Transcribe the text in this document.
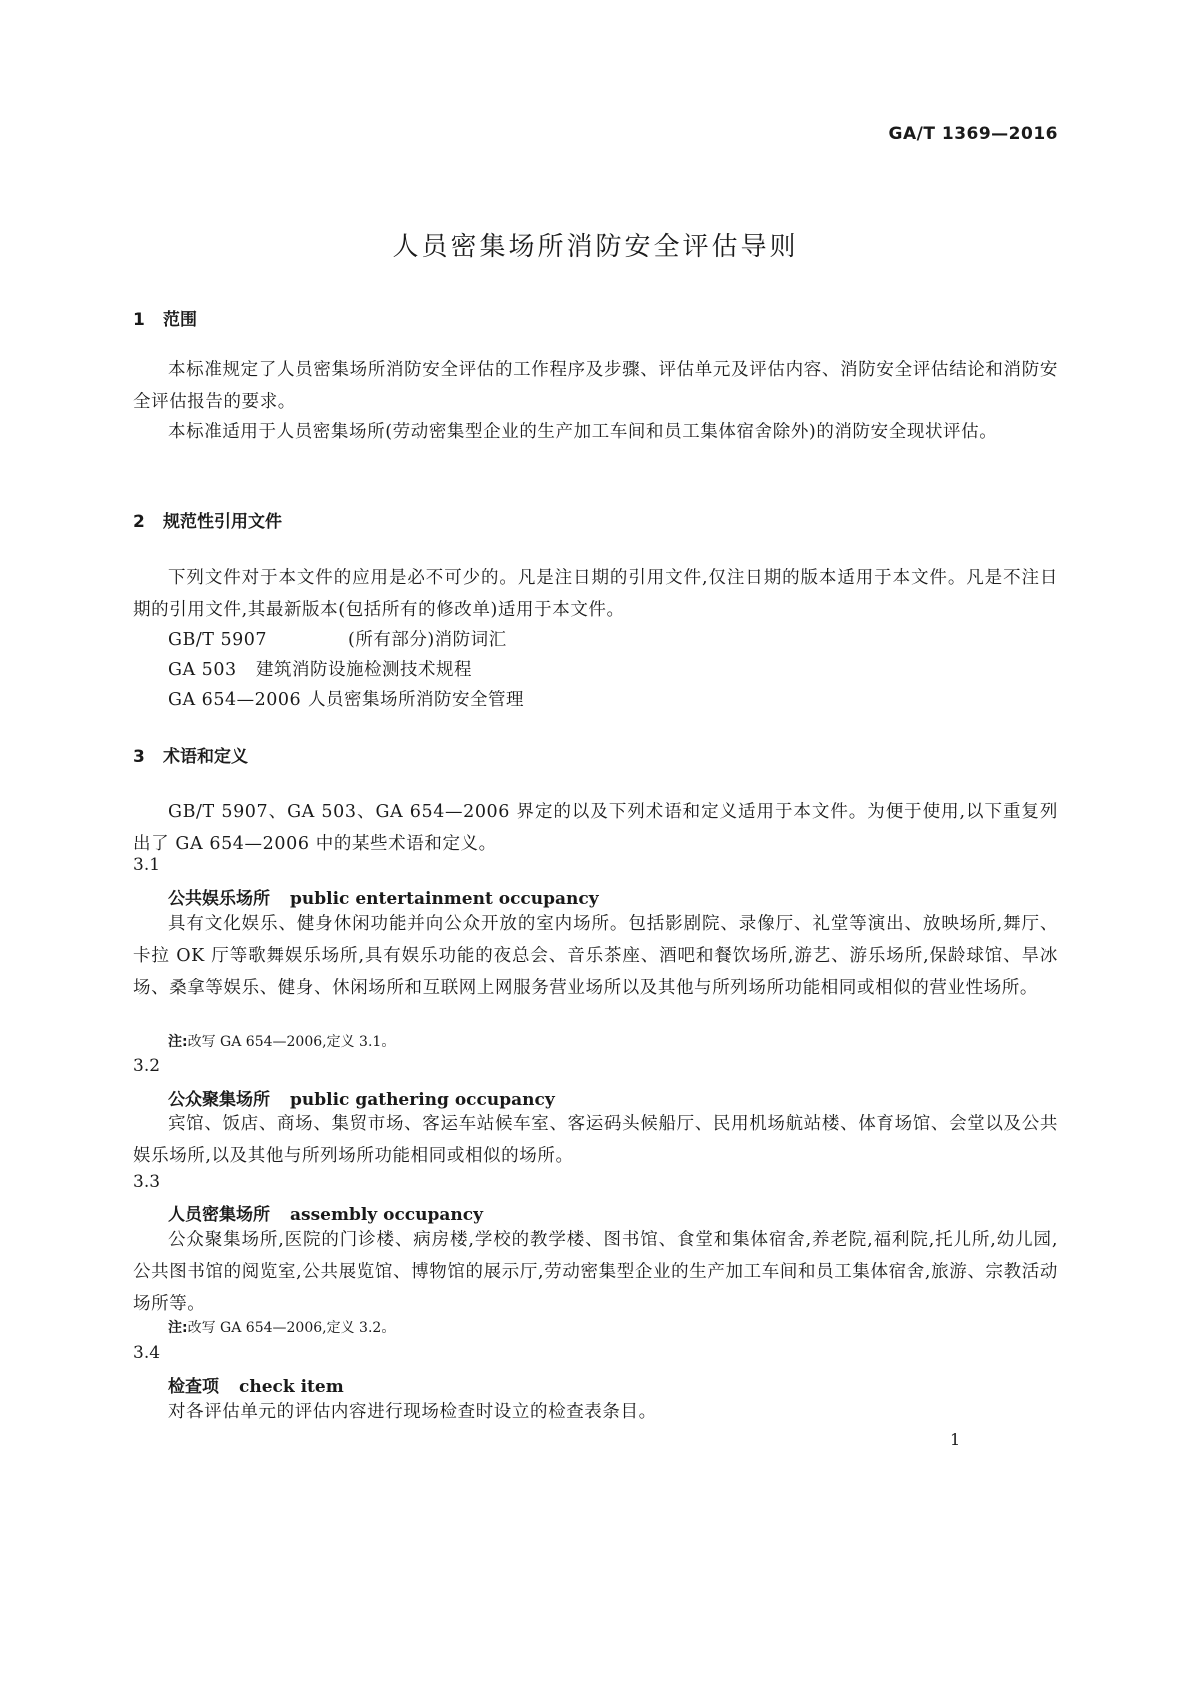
GA/T 1369—2016
人员密集场所消防安全评估导则
1 范围
本标准规定了人员密集场所消防安全评估的工作程序及步骤、评估单元及评估内容、消防安全评估结论和消防安全评估报告的要求。
本标准适用于人员密集场所(劳动密集型企业的生产加工车间和员工集体宿舍除外)的消防安全现状评估。
2 规范性引用文件
下列文件对于本文件的应用是必不可少的。凡是注日期的引用文件,仅注日期的版本适用于本文件。凡是不注日期的引用文件,其最新版本(包括所有的修改单)适用于本文件。
GB/T 5907	(所有部分)消防词汇
GA 503 建筑消防设施检测技术规程
GA 654—2006 人员密集场所消防安全管理
3 术语和定义
GB/T 5907、GA 503、GA 654—2006 界定的以及下列术语和定义适用于本文件。为便于使用,以下重复列出了 GA 654—2006 中的某些术语和定义。
3.1
公共娱乐场所 public entertainment occupancy
具有文化娱乐、健身休闲功能并向公众开放的室内场所。包括影剧院、录像厅、礼堂等演出、放映场所,舞厅、卡拉 OK 厅等歌舞娱乐场所,具有娱乐功能的夜总会、音乐茶座、酒吧和餐饮场所,游艺、游乐场所,保龄球馆、旱冰场、桑拿等娱乐、健身、休闲场所和互联网上网服务营业场所以及其他与所列场所功能相同或相似的营业性场所。
注:改写 GA 654—2006,定义 3.1。
3.2
公众聚集场所 public gathering occupancy
宾馆、饭店、商场、集贸市场、客运车站候车室、客运码头候船厅、民用机场航站楼、体育场馆、会堂以及公共娱乐场所,以及其他与所列场所功能相同或相似的场所。
3.3
人员密集场所 assembly occupancy
公众聚集场所,医院的门诊楼、病房楼,学校的教学楼、图书馆、食堂和集体宿舍,养老院,福利院,托儿所,幼儿园,公共图书馆的阅览室,公共展览馆、博物馆的展示厅,劳动密集型企业的生产加工车间和员工集体宿舍,旅游、宗教活动场所等。
注:改写 GA 654—2006,定义 3.2。
3.4
检查项 check item
对各评估单元的评估内容进行现场检查时设立的检查表条目。
1
